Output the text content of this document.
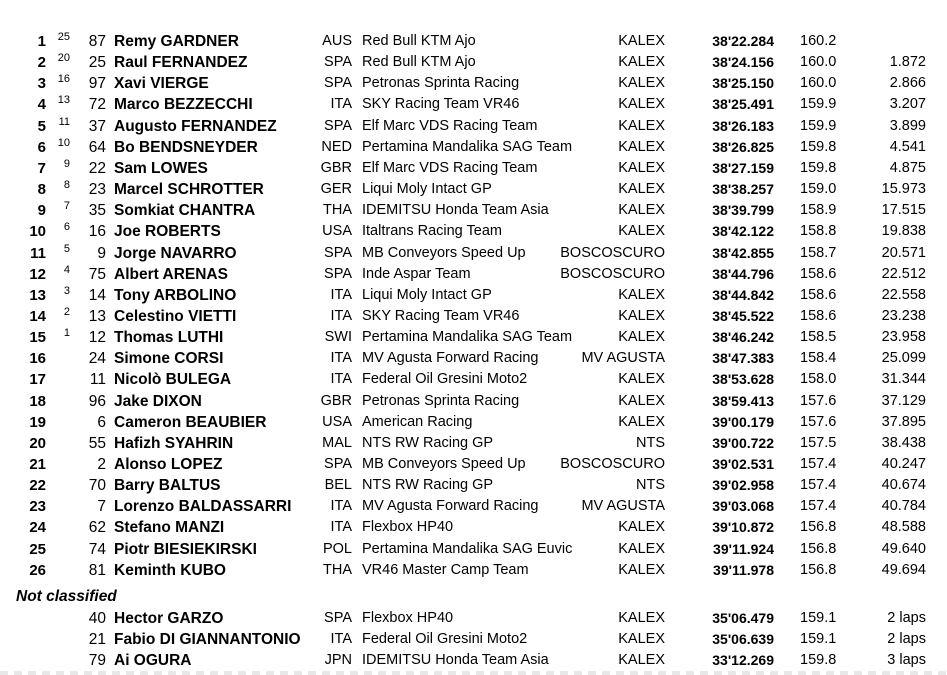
Not classified
1	25	87 Remy GARDNER	AUS Red Bull KTM Ajo	KALEX	38'22.284 160.2
2	20	25 Raul FERNANDEZ	SPA Red Bull KTM Ajo	KALEX	38'24.156 160.0	1.872
3	16	97 Xavi VIERGE	SPA Petronas Sprinta Racing	KALEX	38'25.150 160.0	2.866
4	13	72 Marco BEZZECCHI	ITA SKY Racing Team VR46	KALEX	38'25.491 159.9	3.207
5	11	37 Augusto FERNANDEZ	SPA Elf Marc VDS Racing Team	KALEX	38'26.183 159.9	3.899
6	10	64 Bo BENDSNEYDER	NED Pertamina Mandalika SAG Team	KALEX	38'26.825 159.8	4.541
7	9	22 Sam LOWES	GBR Elf Marc VDS Racing Team	KALEX	38'27.159 159.8	4.875
8	8	23 Marcel SCHROTTER	GER Liqui Moly Intact GP	KALEX	38'38.257 159.0	15.973
9	7	35 Somkiat CHANTRA	THA IDEMITSU Honda Team Asia	KALEX	38'39.799 158.9	17.515
10	6	16 Joe ROBERTS	USA Italtrans Racing Team	KALEX	38'42.122 158.8	19.838
11	5	9 Jorge NAVARRO	SPA MB Conveyors Speed Up	BOSCOSCURO	38'42.855 158.7	20.571
12	4	75 Albert ARENAS	SPA Inde Aspar Team	BOSCOSCURO	38'44.796 158.6	22.512
13	3	14 Tony ARBOLINO	ITA Liqui Moly Intact GP	KALEX	38'44.842 158.6	22.558
14	2	13 Celestino VIETTI	ITA SKY Racing Team VR46	KALEX	38'45.522 158.6	23.238
15	1	12 Thomas LUTHI	SWI Pertamina Mandalika SAG Team	KALEX	38'46.242 158.5	23.958
16	24 Simone CORSI	ITA MV Agusta Forward Racing	MV AGUSTA	38'47.383 158.4	25.099
17	11 Nicolò BULEGA	ITA Federal Oil Gresini Moto2	KALEX	38'53.628 158.0	31.344
18	96 Jake DIXON	GBR Petronas Sprinta Racing	KALEX	38'59.413 157.6	37.129
19	6 Cameron BEAUBIER	USA American Racing	KALEX	39'00.179 157.6	37.895
20	55 Hafizh SYAHRIN	MAL NTS RW Racing GP	NTS	39'00.722 157.5	38.438
21	2 Alonso LOPEZ	SPA MB Conveyors Speed Up	BOSCOSCURO	39'02.531 157.4	40.247
22	70 Barry BALTUS	BEL NTS RW Racing GP	NTS	39'02.958 157.4	40.674
23	7 Lorenzo BALDASSARRI	ITA MV Agusta Forward Racing	MV AGUSTA	39'03.068 157.4	40.784
24	62 Stefano MANZI	ITA Flexbox HP40	KALEX	39'10.872 156.8	48.588
25	74 Piotr BIESIEKIRSKI	POL Pertamina Mandalika SAG Euvic	KALEX	39'11.924 156.8	49.640
26	81 Keminth KUBO	THA VR46 Master Camp Team	KALEX	39'11.978 156.8	49.694
40 Hector GARZO	SPA Flexbox HP40	KALEX	35'06.479 159.1	2 laps
21 Fabio DI GIANNANTONIO	ITA Federal Oil Gresini Moto2	KALEX	35'06.639 159.1	2 laps
79 Ai OGURA	JPN IDEMITSU Honda Team Asia	KALEX	33'12.269 159.8	3 laps
